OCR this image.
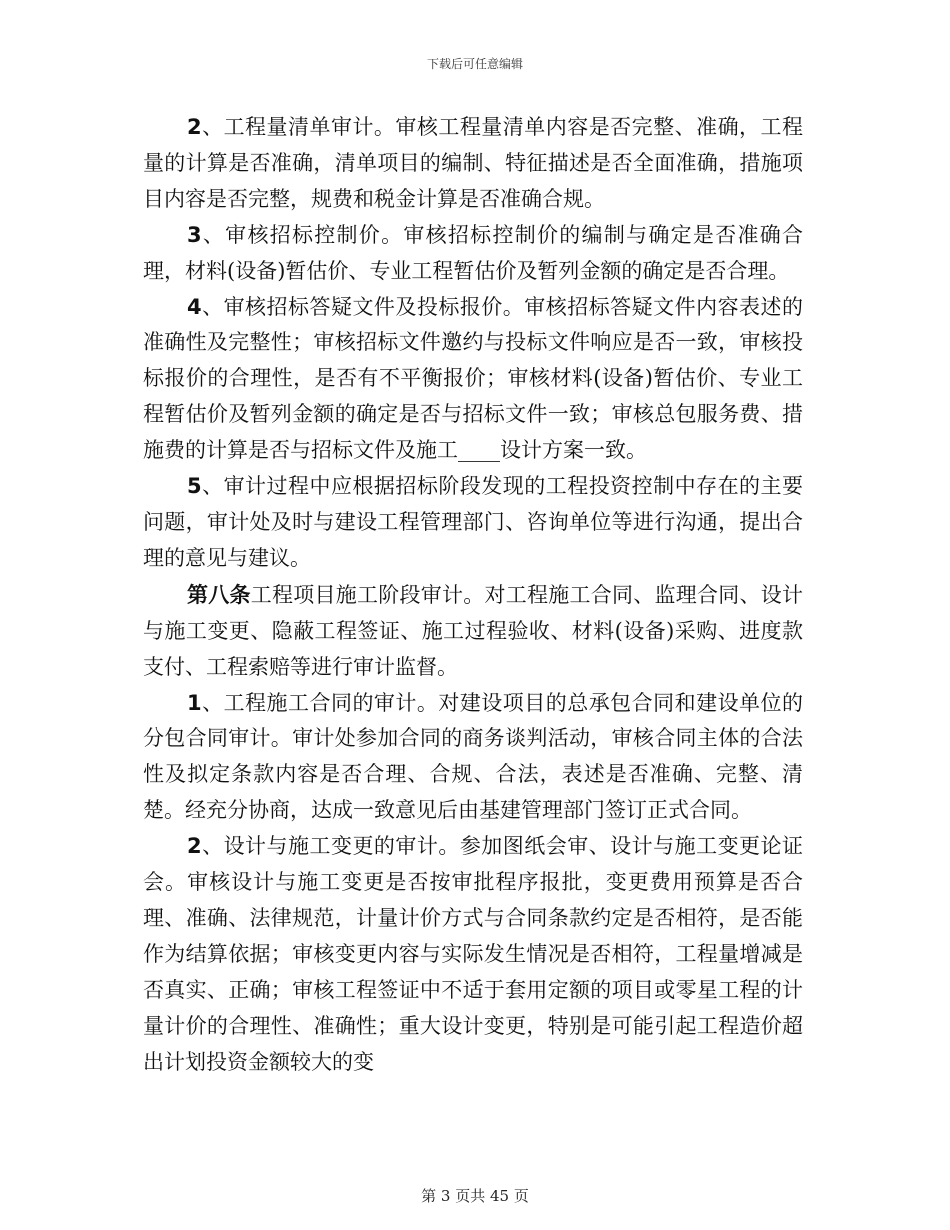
下载后可任意编辑

2、工程量清单审计。审核工程量清单内容是否完整、准确，工程量的计算是否准确，清单项目的编制、特征描述是否全面准确，措施项目内容是否完整，规费和税金计算是否准确合规。

3、审核招标控制价。审核招标控制价的编制与确定是否准确合理，材料(设备)暂估价、专业工程暂估价及暂列金额的确定是否合理。

4、审核招标答疑文件及投标报价。审核招标答疑文件内容表述的准确性及完整性；审核招标文件邀约与投标文件响应是否一致，审核投标报价的合理性，是否有不平衡报价；审核材料(设备)暂估价、专业工程暂估价及暂列金额的确定是否与招标文件一致；审核总包服务费、措施费的计算是否与招标文件及施工____设计方案一致。

5、审计过程中应根据招标阶段发现的工程投资控制中存在的主要问题，审计处及时与建设工程管理部门、咨询单位等进行沟通，提出合理的意见与建议。

第八条工程项目施工阶段审计。对工程施工合同、监理合同、设计与施工变更、隐蔽工程签证、施工过程验收、材料(设备)采购、进度款支付、工程索赔等进行审计监督。

1、工程施工合同的审计。对建设项目的总承包合同和建设单位的分包合同审计。审计处参加合同的商务谈判活动，审核合同主体的合法性及拟定条款内容是否合理、合规、合法，表述是否准确、完整、清楚。经充分协商，达成一致意见后由基建管理部门签订正式合同。

2、设计与施工变更的审计。参加图纸会审、设计与施工变更论证会。审核设计与施工变更是否按审批程序报批，变更费用预算是否合理、准确、法律规范，计量计价方式与合同条款约定是否相符，是否能作为结算依据；审核变更内容与实际发生情况是否相符，工程量增减是否真实、正确；审核工程签证中不适于套用定额的项目或零星工程的计量计价的合理性、准确性；重大设计变更，特别是可能引起工程造价超出计划投资金额较大的变

第 3 页共 45 页
